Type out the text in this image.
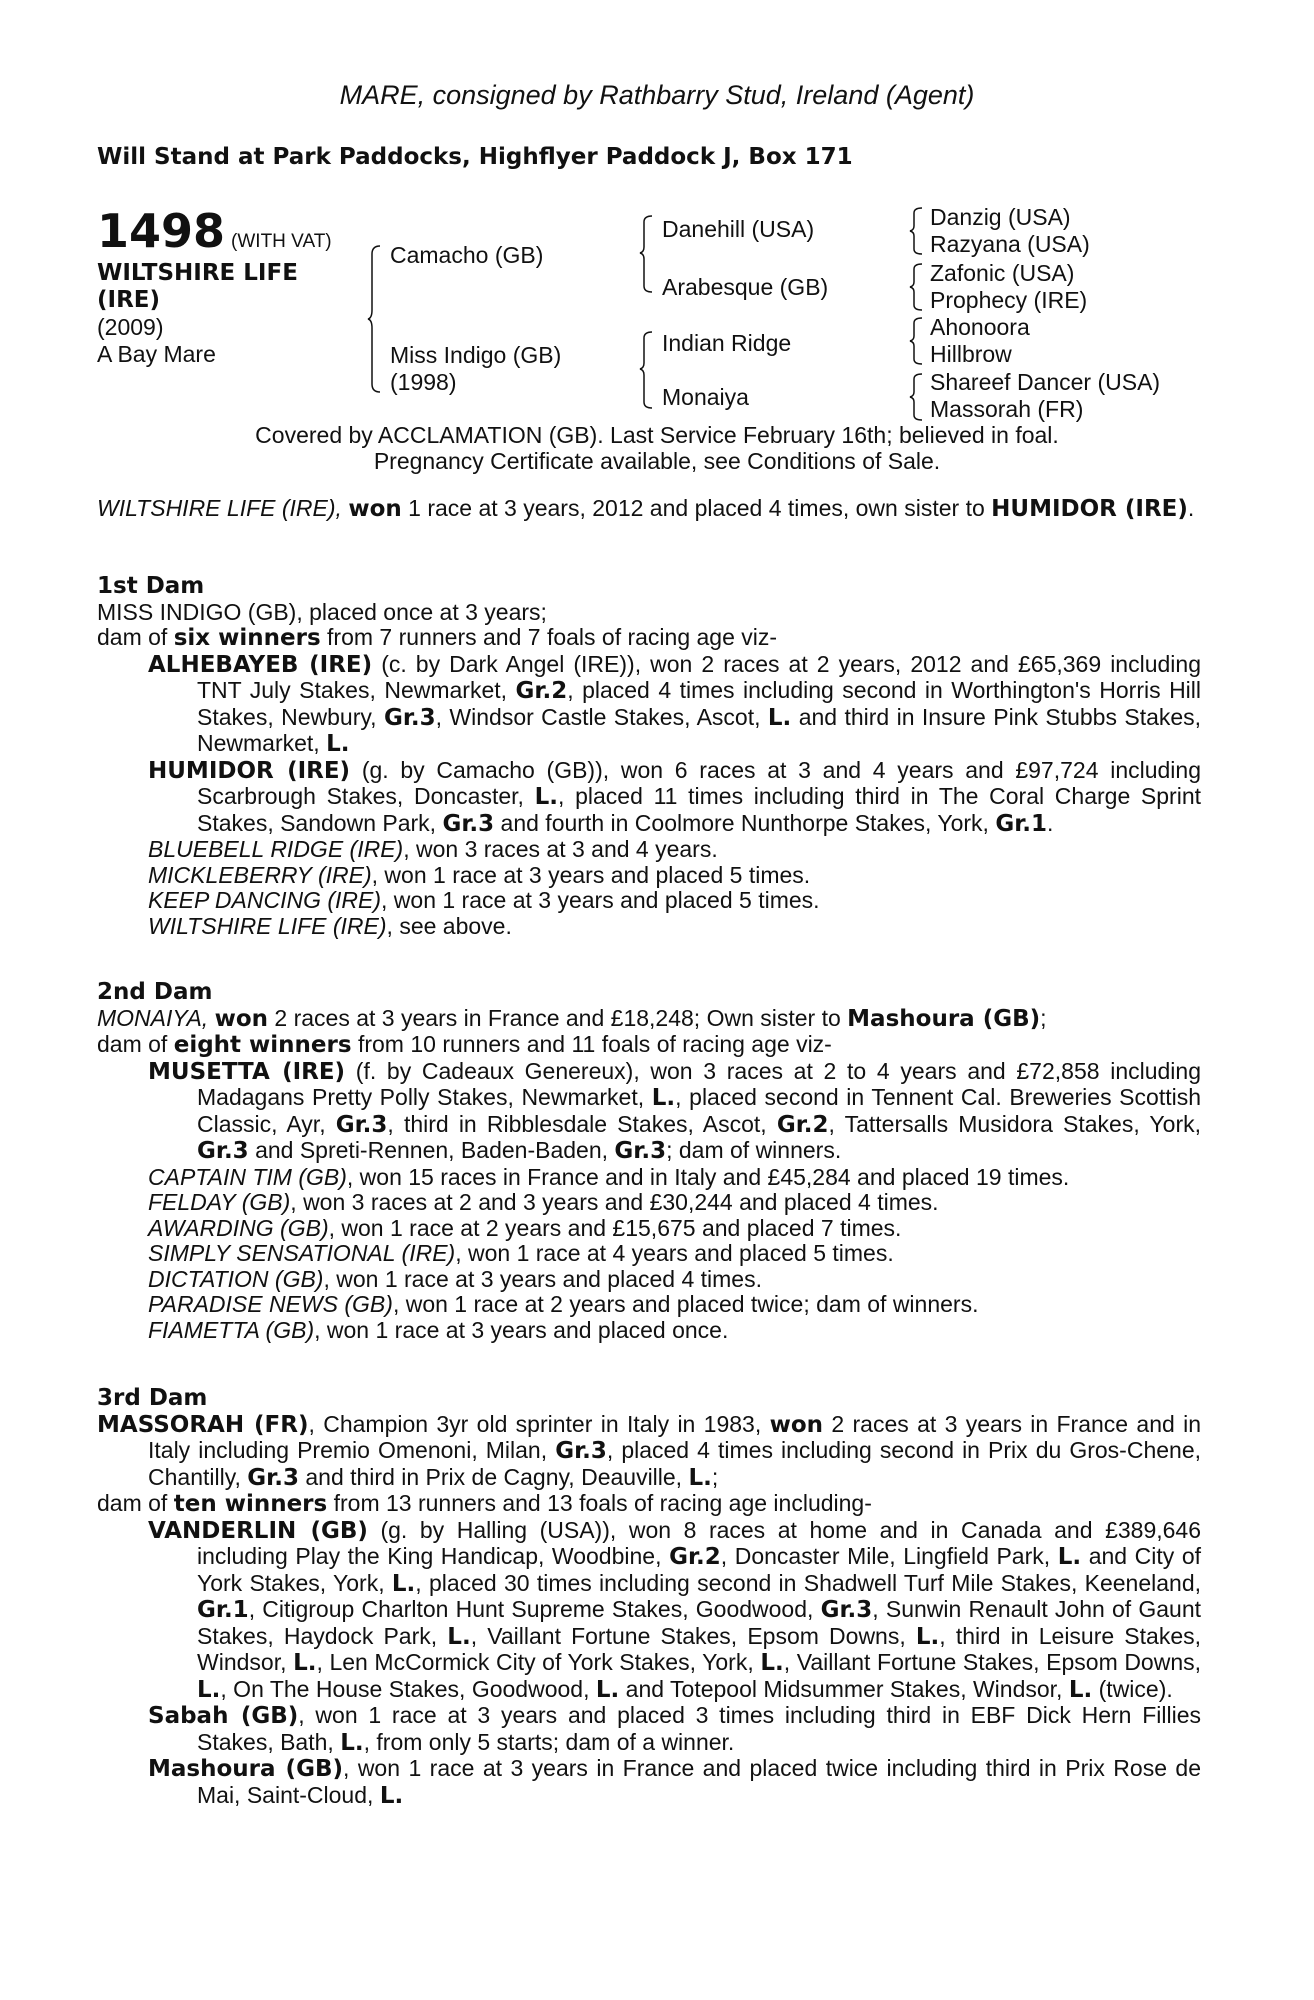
MARE, consigned by Rathbarry Stud, Ireland (Agent)
Will Stand at Park Paddocks, Highflyer Paddock J, Box 171
1498 (WITH VAT)
WILTSHIRE LIFE
(IRE)
(2009)
A Bay Mare
Camacho (GB)
Miss Indigo (GB)
(1998)
Danehill (USA)
Arabesque (GB)
Indian Ridge
Monaiya
Danzig (USA)
Razyana (USA)
Zafonic (USA)
Prophecy (IRE)
Ahonoora
Hillbrow
Shareef Dancer (USA)
Massorah (FR)
Covered by ACCLAMATION (GB). Last Service February 16th; believed in foal.
Pregnancy Certificate available, see Conditions of Sale.
WILTSHIRE LIFE (IRE), won 1 race at 3 years, 2012 and placed 4 times, own sister to HUMIDOR (IRE).
1st Dam
MISS INDIGO (GB), placed once at 3 years;
dam of six winners from 7 runners and 7 foals of racing age viz-
ALHEBAYEB (IRE) (c. by Dark Angel (IRE)), won 2 races at 2 years, 2012 and £65,369 including TNT July Stakes, Newmarket, Gr.2, placed 4 times including second in Worthington's Horris Hill Stakes, Newbury, Gr.3, Windsor Castle Stakes, Ascot, L. and third in Insure Pink Stubbs Stakes, Newmarket, L.
HUMIDOR (IRE) (g. by Camacho (GB)), won 6 races at 3 and 4 years and £97,724 including Scarbrough Stakes, Doncaster, L., placed 11 times including third in The Coral Charge Sprint Stakes, Sandown Park, Gr.3 and fourth in Coolmore Nunthorpe Stakes, York, Gr.1.
BLUEBELL RIDGE (IRE), won 3 races at 3 and 4 years.
MICKLEBERRY (IRE), won 1 race at 3 years and placed 5 times.
KEEP DANCING (IRE), won 1 race at 3 years and placed 5 times.
WILTSHIRE LIFE (IRE), see above.
2nd Dam
MONAIYA, won 2 races at 3 years in France and £18,248; Own sister to Mashoura (GB);
dam of eight winners from 10 runners and 11 foals of racing age viz-
MUSETTA (IRE) (f. by Cadeaux Genereux), won 3 races at 2 to 4 years and £72,858 including Madagans Pretty Polly Stakes, Newmarket, L., placed second in Tennent Cal. Breweries Scottish Classic, Ayr, Gr.3, third in Ribblesdale Stakes, Ascot, Gr.2, Tattersalls Musidora Stakes, York, Gr.3 and Spreti-Rennen, Baden-Baden, Gr.3; dam of winners.
CAPTAIN TIM (GB), won 15 races in France and in Italy and £45,284 and placed 19 times.
FELDAY (GB), won 3 races at 2 and 3 years and £30,244 and placed 4 times.
AWARDING (GB), won 1 race at 2 years and £15,675 and placed 7 times.
SIMPLY SENSATIONAL (IRE), won 1 race at 4 years and placed 5 times.
DICTATION (GB), won 1 race at 3 years and placed 4 times.
PARADISE NEWS (GB), won 1 race at 2 years and placed twice; dam of winners.
FIAMETTA (GB), won 1 race at 3 years and placed once.
3rd Dam
MASSORAH (FR), Champion 3yr old sprinter in Italy in 1983, won 2 races at 3 years in France and in Italy including Premio Omenoni, Milan, Gr.3, placed 4 times including second in Prix du Gros-Chene, Chantilly, Gr.3 and third in Prix de Cagny, Deauville, L.;
dam of ten winners from 13 runners and 13 foals of racing age including-
VANDERLIN (GB) (g. by Halling (USA)), won 8 races at home and in Canada and £389,646 including Play the King Handicap, Woodbine, Gr.2, Doncaster Mile, Lingfield Park, L. and City of York Stakes, York, L., placed 30 times including second in Shadwell Turf Mile Stakes, Keeneland, Gr.1, Citigroup Charlton Hunt Supreme Stakes, Goodwood, Gr.3, Sunwin Renault John of Gaunt Stakes, Haydock Park, L., Vaillant Fortune Stakes, Epsom Downs, L., third in Leisure Stakes, Windsor, L., Len McCormick City of York Stakes, York, L., Vaillant Fortune Stakes, Epsom Downs, L., On The House Stakes, Goodwood, L. and Totepool Midsummer Stakes, Windsor, L. (twice).
Sabah (GB), won 1 race at 3 years and placed 3 times including third in EBF Dick Hern Fillies Stakes, Bath, L., from only 5 starts; dam of a winner.
Mashoura (GB), won 1 race at 3 years in France and placed twice including third in Prix Rose de Mai, Saint-Cloud, L.
